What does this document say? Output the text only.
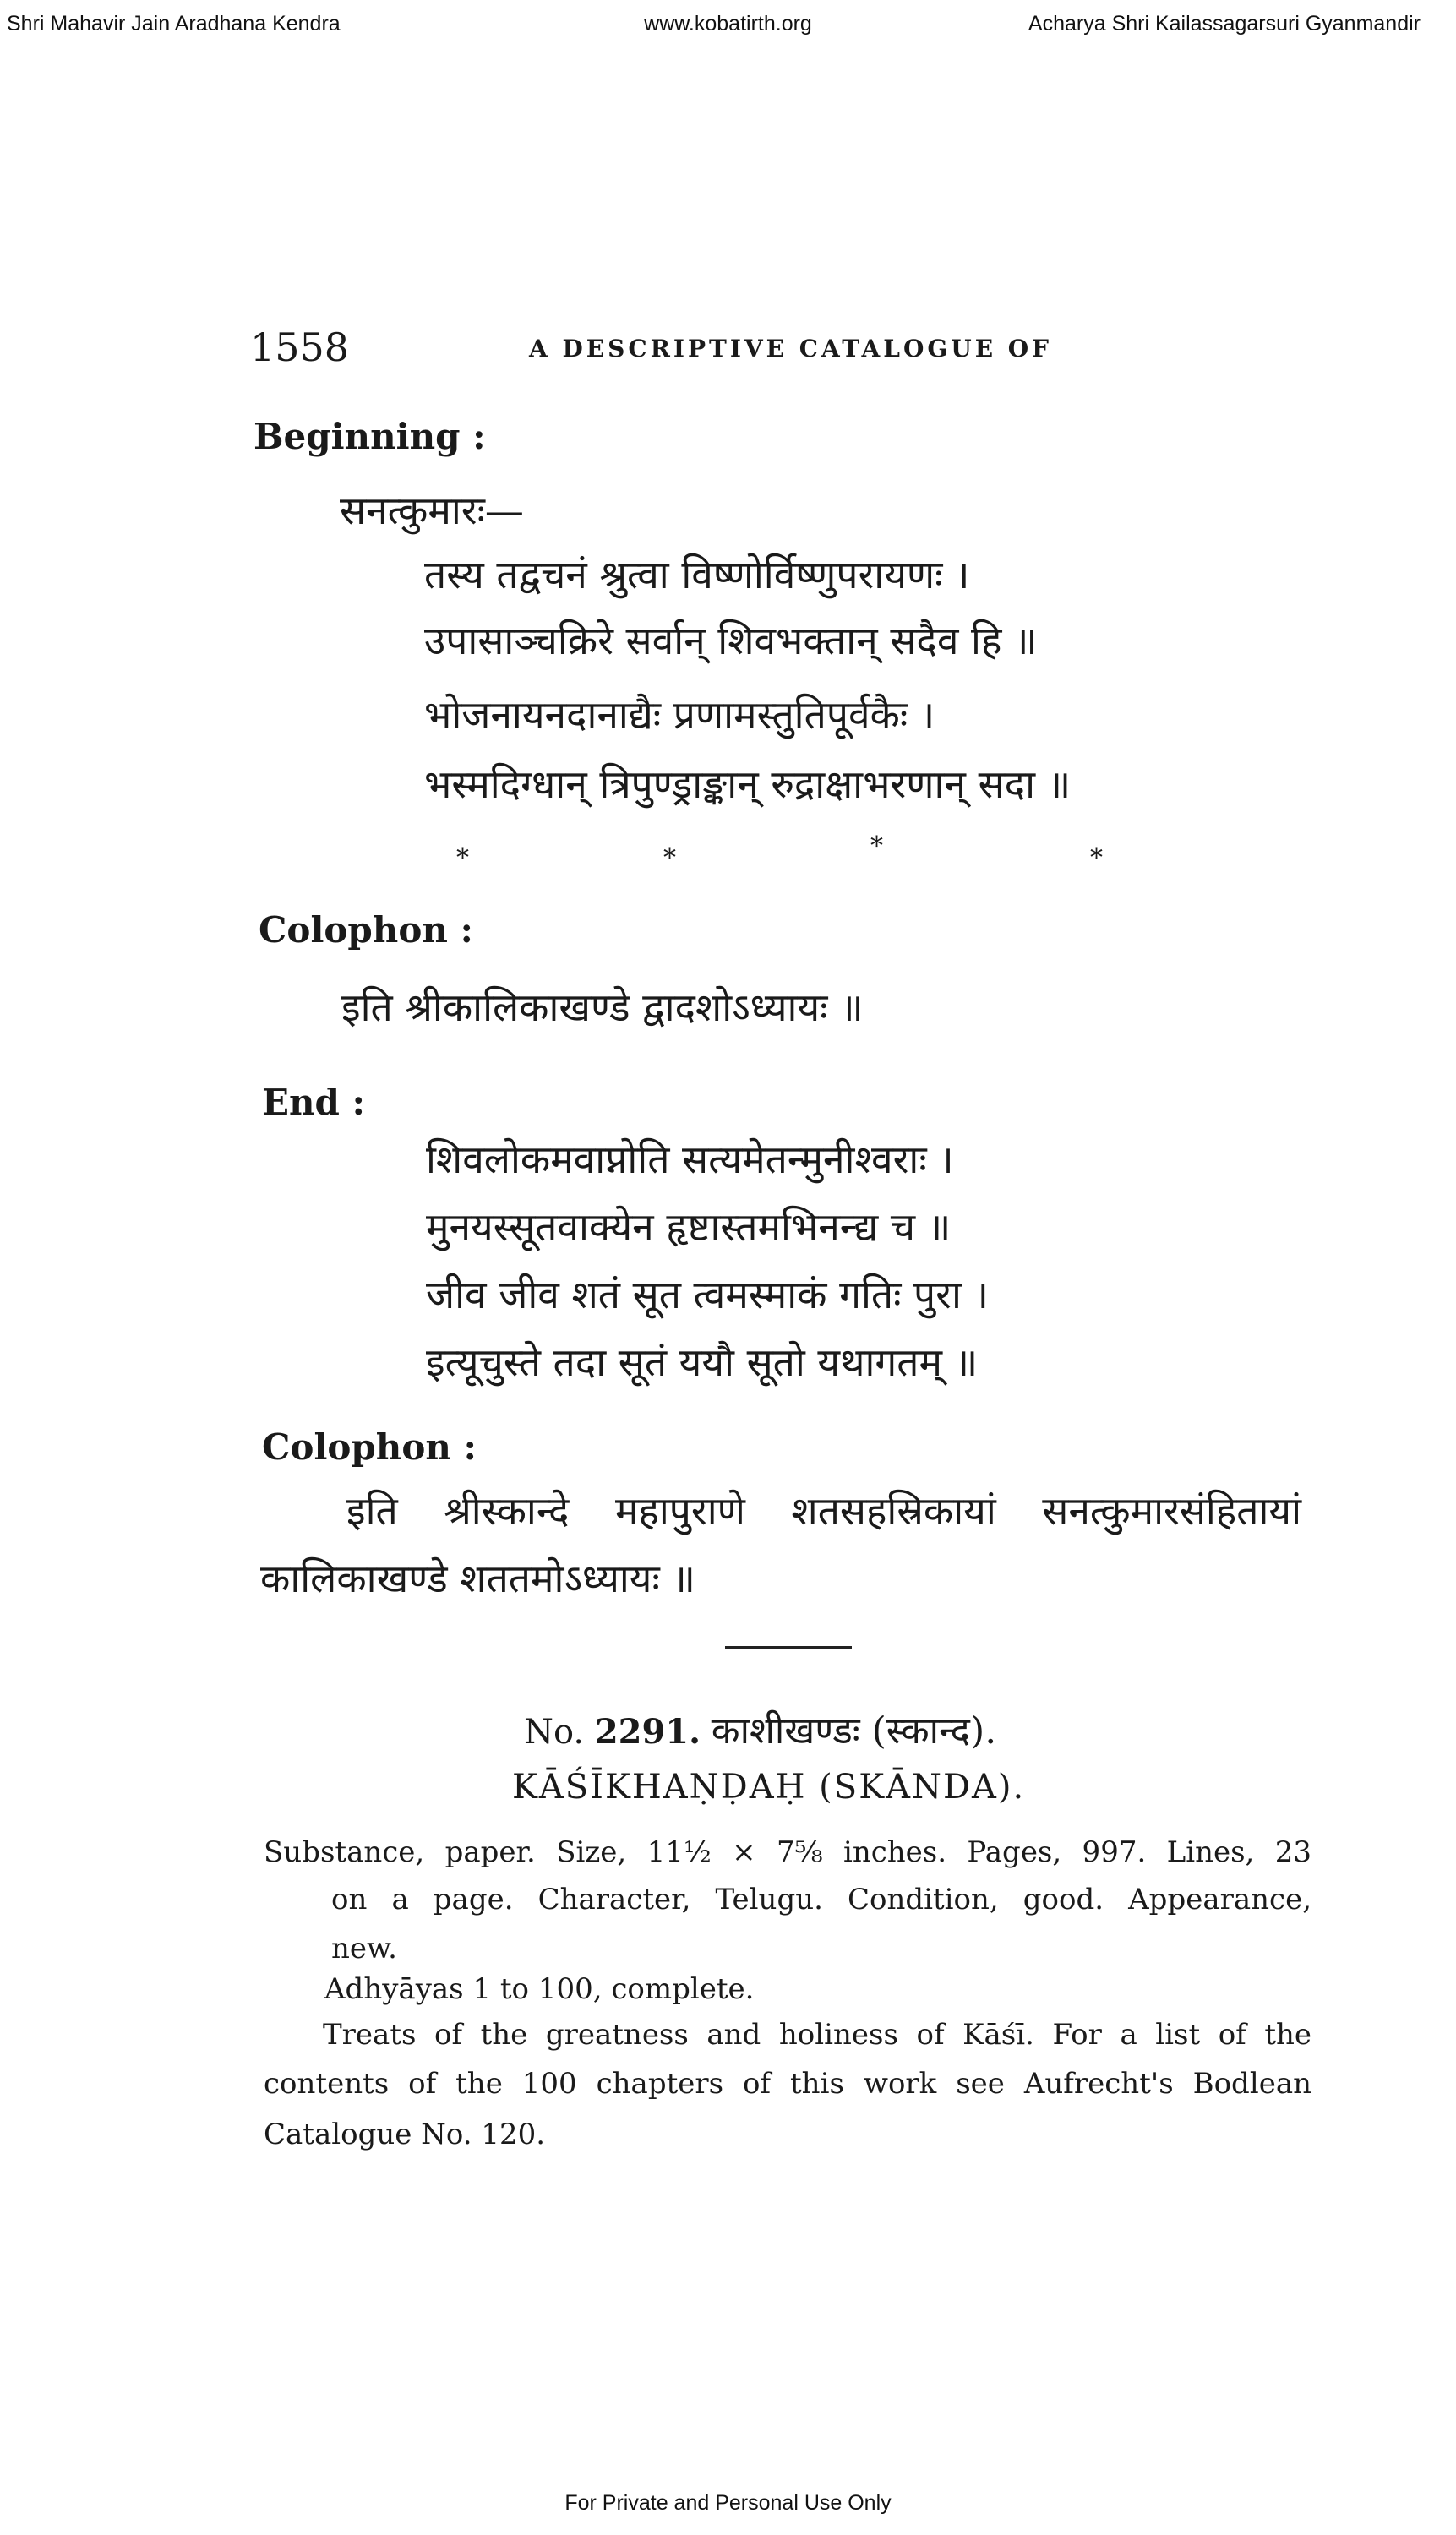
Shri Mahavir Jain Aradhana Kendra	www.kobatirth.org	Acharya Shri Kailassagarsuri Gyanmandir
1558	A DESCRIPTIVE CATALOGUE OF
Beginning :
सनत्कुमारः—
तस्य तद्वचनं श्रुत्वा विष्णोर्विष्णुपरायणः ।
उपासाञ्चक्रिरे सर्वान् शिवभक्तान् सदैव हि ॥
भोजनायनदानाद्यैः प्रणामस्तुतिपूर्वकैः ।
भस्मदिग्धान् त्रिपुण्ड्राङ्कान् रुद्राक्षाभरणान् सदा ॥
*	*	*	*
Colophon :
इति श्रीकालिकाखण्डे द्वादशोऽध्यायः ॥
End :
शिवलोकमवाप्नोति सत्यमेतन्मुनीश्वराः ।
मुनयस्सूतवाक्येन हृष्टास्तमभिनन्द्य च ॥
जीव जीव शतं सूत त्वमस्माकं गतिः पुरा ।
इत्यूचुस्ते तदा सूतं ययौ सूतो यथागतम् ॥
Colophon :
इति श्रीस्कान्दे महापुराणे शतसहस्रिकायां सनत्कुमारसंहितायां
कालिकाखण्डे शततमोऽध्यायः ॥
No. 2291. काशीखण्डः (स्कान्द).
KĀŚĪKHAṆḌAḤ (SKĀNDA).
Substance, paper. Size, 11½ × 7⅝ inches. Pages, 997. Lines, 23
on a page. Character, Telugu. Condition, good. Appearance,
new.
Adhyāyas 1 to 100, complete.
Treats of the greatness and holiness of Kāśī. For a list of the
contents of the 100 chapters of this work see Aufrecht's Bodlean
Catalogue No. 120.
For Private and Personal Use Only
